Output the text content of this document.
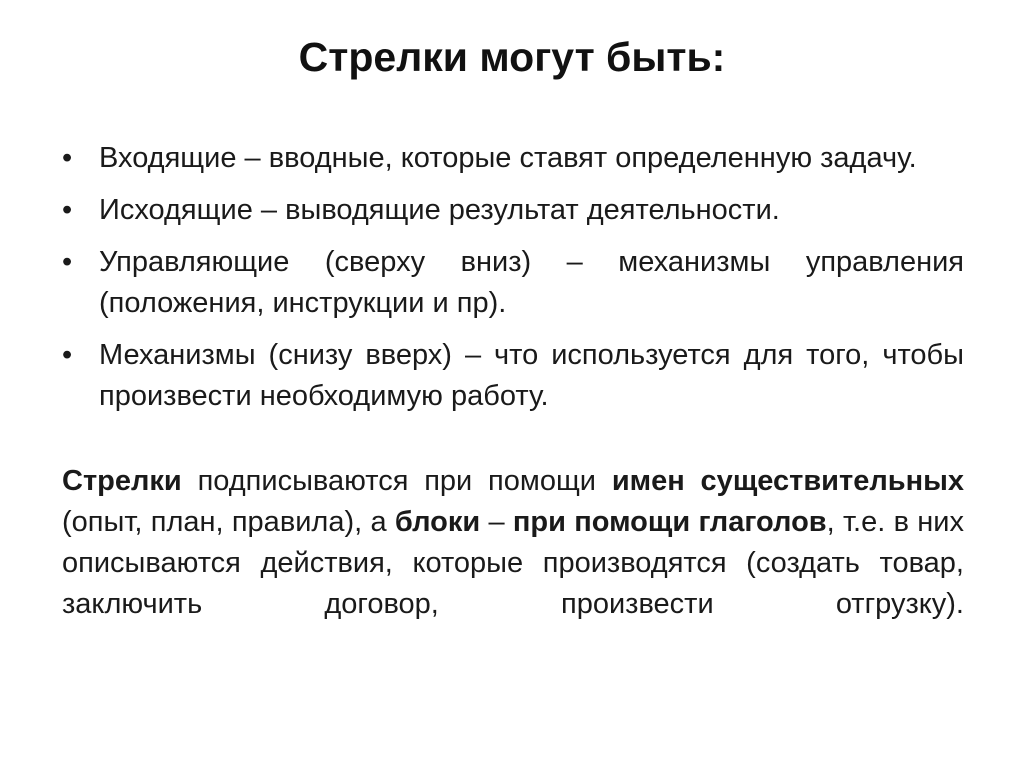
Стрелки могут быть:
• Входящие – вводные, которые ставят определенную задачу.
• Исходящие – выводящие результат деятельности.
• Управляющие (сверху вниз) – механизмы управления (положения, инструкции и пр).
• Механизмы (снизу вверх) – что используется для того, чтобы произвести необходимую работу.

Стрелки подписываются при помощи имен существительных (опыт, план, правила), а блоки – при помощи глаголов, т.е. в них описываются действия, которые производятся (создать товар, заключить договор, произвести отгрузку).
